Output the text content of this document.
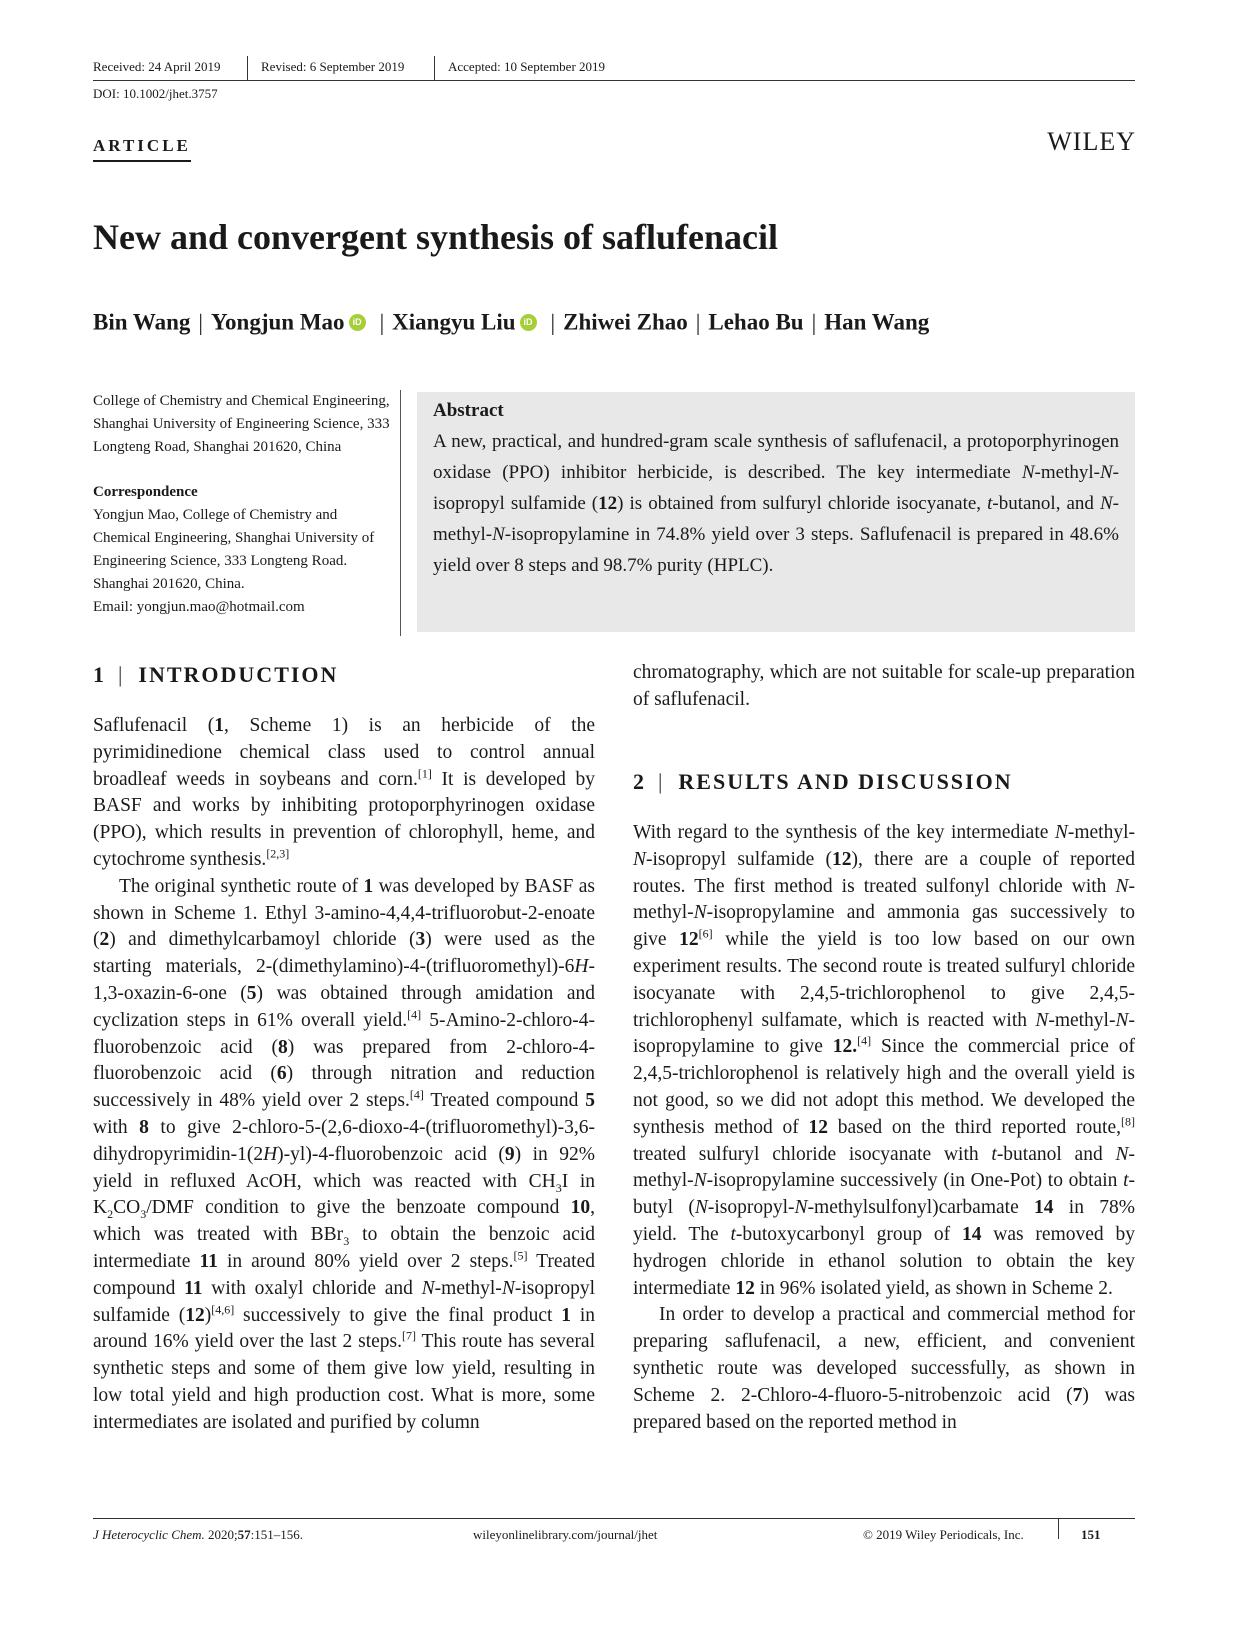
Received: 24 April 2019	Revised: 6 September 2019	Accepted: 10 September 2019
DOI: 10.1002/jhet.3757
ARTICLE	WILEY
New and convergent synthesis of saflufenacil
Bin Wang | Yongjun Mao iD | Xiangyu Liu iD | Zhiwei Zhao | Lehao Bu | Han Wang
College of Chemistry and Chemical Engineering, Shanghai University of Engineering Science, 333 Longteng Road, Shanghai 201620, China
Correspondence
Yongjun Mao, College of Chemistry and Chemical Engineering, Shanghai University of Engineering Science, 333 Longteng Road. Shanghai 201620, China.
Email: yongjun.mao@hotmail.com
Abstract

A new, practical, and hundred-gram scale synthesis of saflufenacil, a protoporphyrinogen oxidase (PPO) inhibitor herbicide, is described. The key intermediate N-methyl-N-isopropyl sulfamide (12) is obtained from sulfuryl chloride isocyanate, t-butanol, and N-methyl-N-isopropylamine in 74.8% yield over 3 steps. Saflufenacil is prepared in 48.6% yield over 8 steps and 98.7% purity (HPLC).

1 | INTRODUCTION

Saflufenacil (1, Scheme 1) is an herbicide of the pyrimidinedione chemical class used to control annual broadleaf weeds in soybeans and corn.[1] It is developed by BASF and works by inhibiting protoporphyrinogen oxidase (PPO), which results in prevention of chlorophyll, heme, and cytochrome synthesis.[2,3]

The original synthetic route of 1 was developed by BASF as shown in Scheme 1. Ethyl 3-amino-4,4,4-trifluorobut-2-enoate (2) and dimethylcarbamoyl chloride (3) were used as the starting materials, 2-(dimethylamino)-4-(trifluoromethyl)-6H-1,3-oxazin-6-one (5) was obtained through amidation and cyclization steps in 61% overall yield.[4] 5-Amino-2-chloro-4-fluorobenzoic acid (8) was prepared from 2-chloro-4-fluorobenzoic acid (6) through nitration and reduction successively in 48% yield over 2 steps.[4] Treated compound 5 with 8 to give 2-chloro-5-(2,6-dioxo-4-(trifluoromethyl)-3,6-dihydropyrimidin-1(2H)-yl)-4-fluorobenzoic acid (9) in 92% yield in refluxed AcOH, which was reacted with $CH_3I$ in $K_2CO_3$/DMF condition to give the benzoate compound 10, which was treated with BBr$_3$ to obtain the benzoic acid intermediate 11 in around 80% yield over 2 steps.[5] Treated compound 11 with oxalyl chloride and N-methyl-N-isopropyl sulfamide (12)[4,6] successively to give the final product 1 in around 16% yield over the last 2 steps.[7] This route has several synthetic steps and some of them give low yield, resulting in low total yield and high production cost. What is more, some intermediates are isolated and purified by column

chromatography, which are not suitable for scale-up preparation of saflufenacil.

2 | RESULTS AND DISCUSSION

With regard to the synthesis of the key intermediate N-methyl-N-isopropyl sulfamide (12), there are a couple of reported routes. The first method is treated sulfonyl chloride with N-methyl-N-isopropylamine and ammonia gas successively to give 12[6] while the yield is too low based on our own experiment results. The second route is treated sulfuryl chloride isocyanate with 2,4,5-trichlorophenol to give 2,4,5-trichlorophenyl sulfamate, which is reacted with N-methyl-N-isopropylamine to give 12.[4] Since the commercial price of 2,4,5-trichlorophenol is relatively high and the overall yield is not good, so we did not adopt this method. We developed the synthesis method of 12 based on the third reported route,[8] treated sulfuryl chloride isocyanate with t-butanol and N-methyl-N-isopropylamine successively (in One-Pot) to obtain t-butyl (N-isopropyl-N-methylsulfonyl)carbamate 14 in 78% yield. The t-butoxycarbonyl group of 14 was removed by hydrogen chloride in ethanol solution to obtain the key intermediate 12 in 96% isolated yield, as shown in Scheme 2.

In order to develop a practical and commercial method for preparing saflufenacil, a new, efficient, and convenient synthetic route was developed successfully, as shown in Scheme 2. 2-Chloro-4-fluoro-5-nitrobenzoic acid (7) was prepared based on the reported method in

J Heterocyclic Chem. 2020;57:151–156.	wileyonlinelibrary.com/journal/jhet	© 2019 Wiley Periodicals, Inc.	151
